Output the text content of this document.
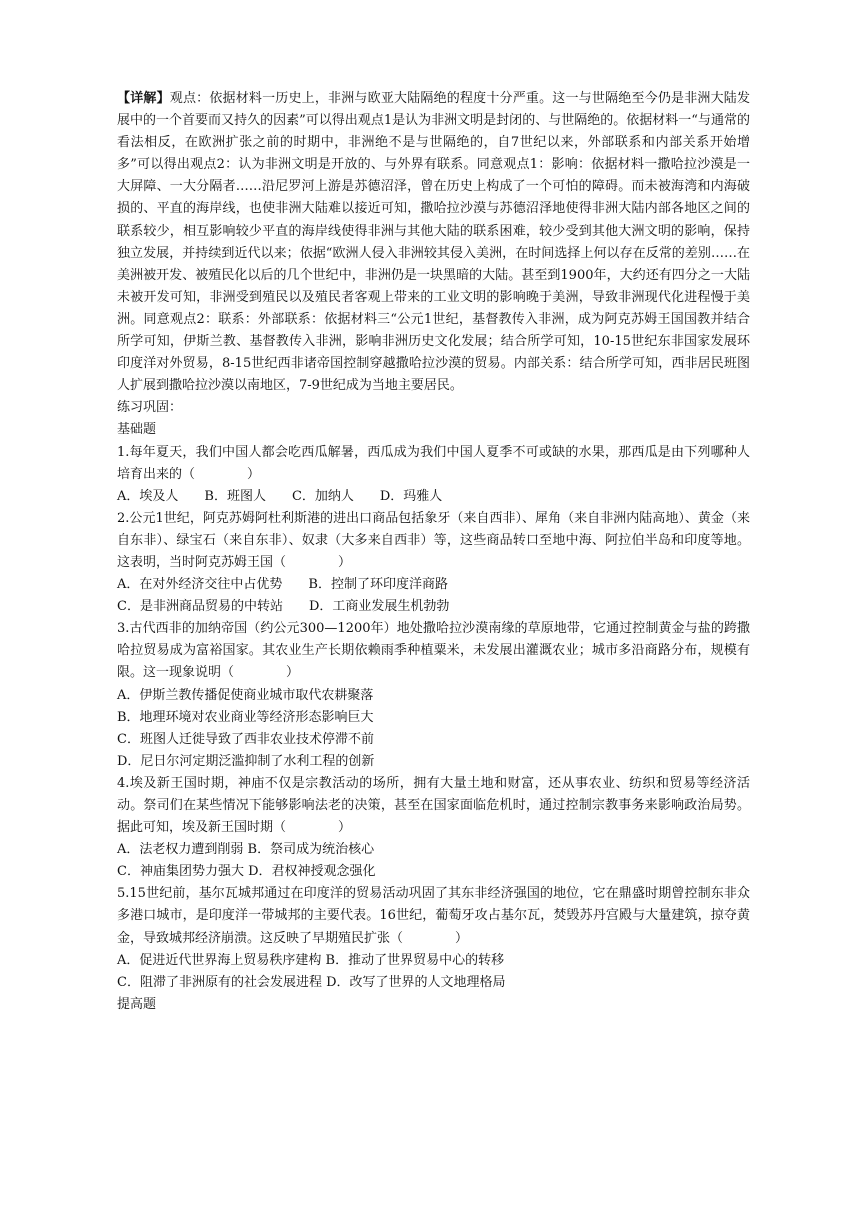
【详解】观点：依据材料一历史上，非洲与欧亚大陆隔绝的程度十分严重。这一与世隔绝至今仍是非洲大陆发展中的一个首要而又持久的因素”可以得出观点1是认为非洲文明是封闭的、与世隔绝的。依据材料一“与通常的看法相反，在欧洲扩张之前的时期中，非洲绝不是与世隔绝的，自7世纪以来，外部联系和内部关系开始增多”可以得出观点2：认为非洲文明是开放的、与外界有联系。同意观点1：影响：依据材料一撒哈拉沙漠是一大屏障、一大分隔者……沿尼罗河上游是苏德沼泽，曾在历史上构成了一个可怕的障碍。而未被海湾和内海破损的、平直的海岸线，也使非洲大陆难以接近可知，撒哈拉沙漠与苏德沼泽地使得非洲大陆内部各地区之间的联系较少，相互影响较少平直的海岸线使得非洲与其他大陆的联系困难，较少受到其他大洲文明的影响，保持独立发展，并持续到近代以来；依据“欧洲人侵入非洲较其侵入美洲，在时间选择上何以存在反常的差别……在美洲被开发、被殖民化以后的几个世纪中，非洲仍是一块黑暗的大陆。甚至到1900年，大约还有四分之一大陆未被开发可知，非洲受到殖民以及殖民者客观上带来的工业文明的影响晚于美洲，导致非洲现代化进程慢于美洲。同意观点2：联系：外部联系：依据材料三“公元1世纪，基督教传入非洲，成为阿克苏姆王国国教并结合所学可知，伊斯兰教、基督教传入非洲，影响非洲历史文化发展；结合所学可知，10-15世纪东非国家发展环印度洋对外贸易，8-15世纪西非诸帝国控制穿越撒哈拉沙漠的贸易。内部关系：结合所学可知，西非居民班图人扩展到撒哈拉沙漠以南地区，7-9世纪成为当地主要居民。

练习巩固：

基础题

1.每年夏天，我们中国人都会吃西瓜解暑，西瓜成为我们中国人夏季不可或缺的水果，那西瓜是由下列哪种人培育出来的（　　　　）

A．埃及人　　B．班图人　　C．加纳人　　D．玛雅人

2.公元1世纪，阿克苏姆阿杜利斯港的进出口商品包括象牙（来自西非）、犀角（来自非洲内陆高地）、黄金（来自东非）、绿宝石（来自东非）、奴隶（大多来自西非）等，这些商品转口至地中海、阿拉伯半岛和印度等地。这表明，当时阿克苏姆王国（　　　　）

A．在对外经济交往中占优势　　B．控制了环印度洋商路

C．是非洲商品贸易的中转站　　D．工商业发展生机勃勃

3.古代西非的加纳帝国（约公元300—1200年）地处撒哈拉沙漠南缘的草原地带，它通过控制黄金与盐的跨撒哈拉贸易成为富裕国家。其农业生产长期依赖雨季种植粟米，未发展出灌溉农业；城市多沿商路分布，规模有限。这一现象说明（　　　　）

A．伊斯兰教传播促使商业城市取代农耕聚落

B．地理环境对农业商业等经济形态影响巨大

C．班图人迁徙导致了西非农业技术停滞不前

D．尼日尔河定期泛滥抑制了水利工程的创新

4.埃及新王国时期，神庙不仅是宗教活动的场所，拥有大量土地和财富，还从事农业、纺织和贸易等经济活动。祭司们在某些情况下能够影响法老的决策，甚至在国家面临危机时，通过控制宗教事务来影响政治局势。据此可知，埃及新王国时期（　　　　）

A．法老权力遭到削弱 B．祭司成为统治核心

C．神庙集团势力强大 D．君权神授观念强化

5.15世纪前，基尔瓦城邦通过在印度洋的贸易活动巩固了其东非经济强国的地位，它在鼎盛时期曾控制东非众多港口城市，是印度洋一带城邦的主要代表。16世纪，葡萄牙攻占基尔瓦，焚毁苏丹宫殿与大量建筑，掠夺黄金，导致城邦经济崩溃。这反映了早期殖民扩张（　　　　）

A．促进近代世界海上贸易秩序建构 B．推动了世界贸易中心的转移

C．阻滞了非洲原有的社会发展进程 D．改写了世界的人文地理格局

提高题
